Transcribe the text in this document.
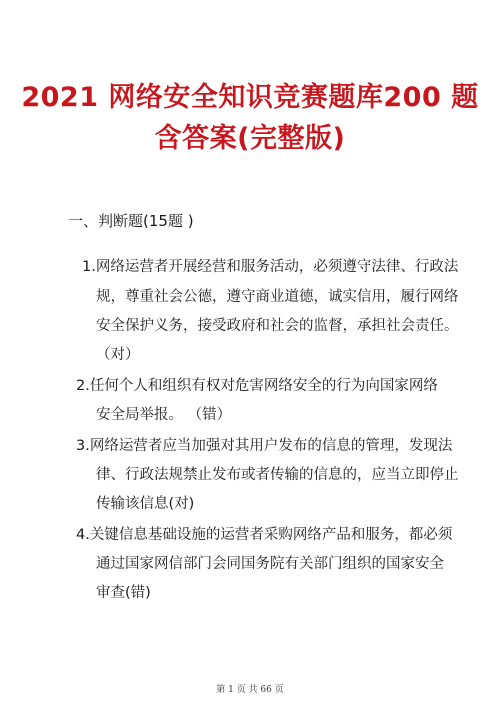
2021 网络安全知识竞赛题库200 题
含答案(完整版)
一、判断题(15题 )
1.网络运营者开展经营和服务活动，必须遵守法律、行政法
规，尊重社会公德，遵守商业道德，诚实信用，履行网络
安全保护义务，接受政府和社会的监督，承担社会责任。
（对）
2.任何个人和组织有权对危害网络安全的行为向国家网络
安全局举报。 （错）
3.网络运营者应当加强对其用户发布的信息的管理，发现法
律、行政法规禁止发布或者传输的信息的，应当立即停止
传输该信息(对)
4.关键信息基础设施的运营者采购网络产品和服务，都必须
通过国家网信部门会同国务院有关部门组织的国家安全
审查(错)
第 1 页 共 66 页
